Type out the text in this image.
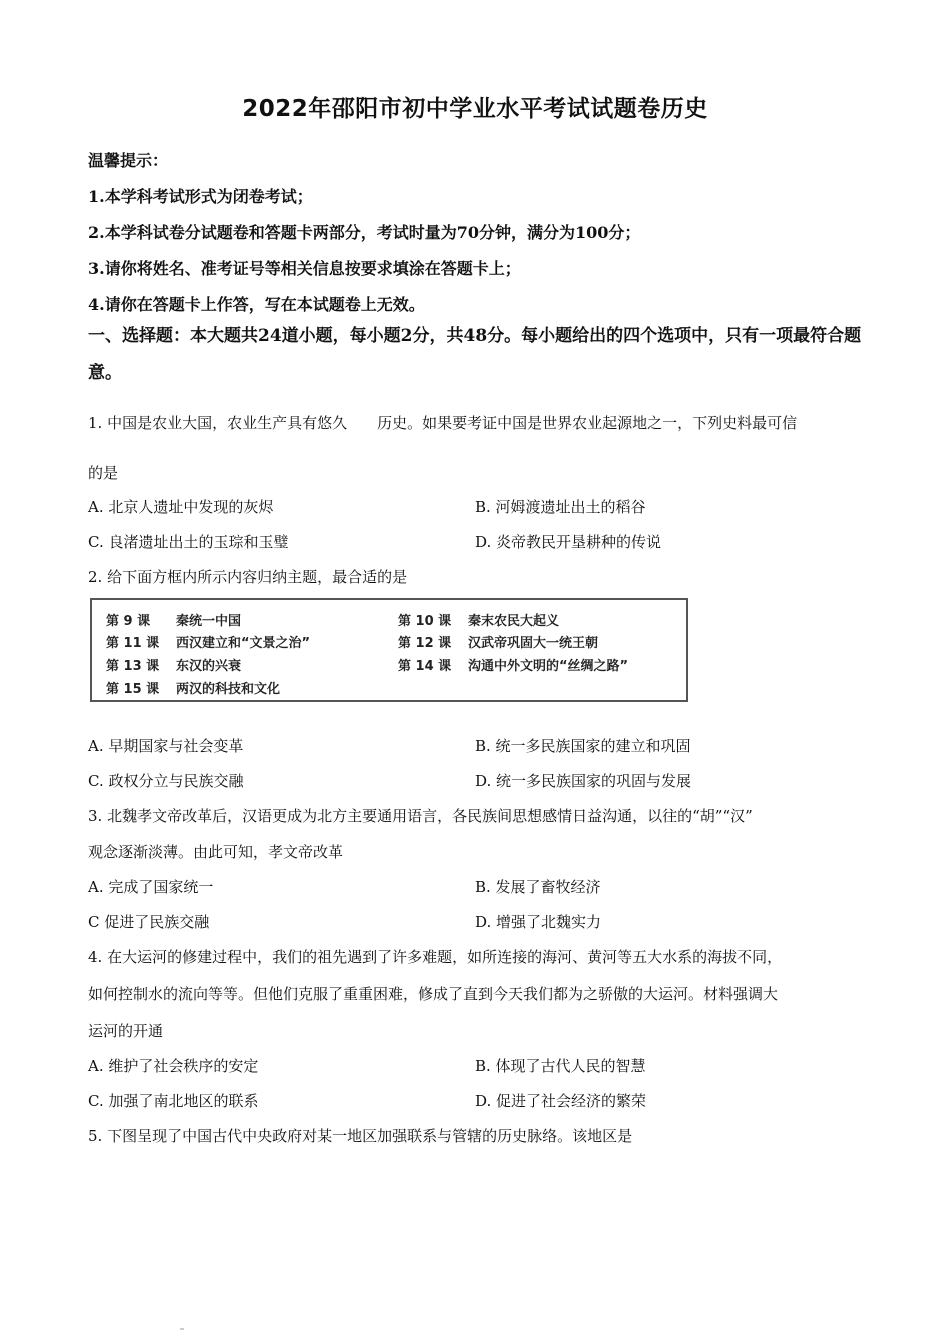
2022年邵阳市初中学业水平考试试题卷历史
温馨提示：
1.本学科考试形式为闭卷考试；
2.本学科试卷分试题卷和答题卡两部分，考试时量为70分钟，满分为100分；
3.请你将姓名、准考证号等相关信息按要求填涂在答题卡上；
4.请你在答题卡上作答，写在本试题卷上无效。
一、选择题：本大题共24道小题，每小题2分，共48分。每小题给出的四个选项中，只有一项最符合题意。
1. 中国是农业大国，农业生产具有悠久 历史。如果要考证中国是世界农业起源地之一，下列史料最可信
的是
A. 北京人遗址中发现的灰烬	B. 河姆渡遗址出土的稻谷
C. 良渚遗址出土的玉琮和玉璧	D. 炎帝教民开垦耕种的传说
2. 给下面方框内所示内容归纳主题，最合适的是
第 9 课 秦统一中国	第 10 课 秦末农民大起义
第 11 课 西汉建立和“文景之治”	第 12 课 汉武帝巩固大一统王朝
第 13 课 东汉的兴衰	第 14 课 沟通中外文明的“丝绸之路”
第 15 课 两汉的科技和文化
A. 早期国家与社会变革	B. 统一多民族国家的建立和巩固
C. 政权分立与民族交融	D. 统一多民族国家的巩固与发展
3. 北魏孝文帝改革后，汉语更成为北方主要通用语言，各民族间思想感情日益沟通，以往的“胡”“汉”
观念逐渐淡薄。由此可知，孝文帝改革
A. 完成了国家统一	B. 发展了畜牧经济
C 促进了民族交融	D. 增强了北魏实力
4. 在大运河的修建过程中，我们的祖先遇到了许多难题，如所连接的海河、黄河等五大水系的海拔不同，
如何控制水的流向等等。但他们克服了重重困难，修成了直到今天我们都为之骄傲的大运河。材料强调大
运河的开通
A. 维护了社会秩序的安定	B. 体现了古代人民的智慧
C. 加强了南北地区的联系	D. 促进了社会经济的繁荣
5. 下图呈现了中国古代中央政府对某一地区加强联系与管辖的历史脉络。该地区是
